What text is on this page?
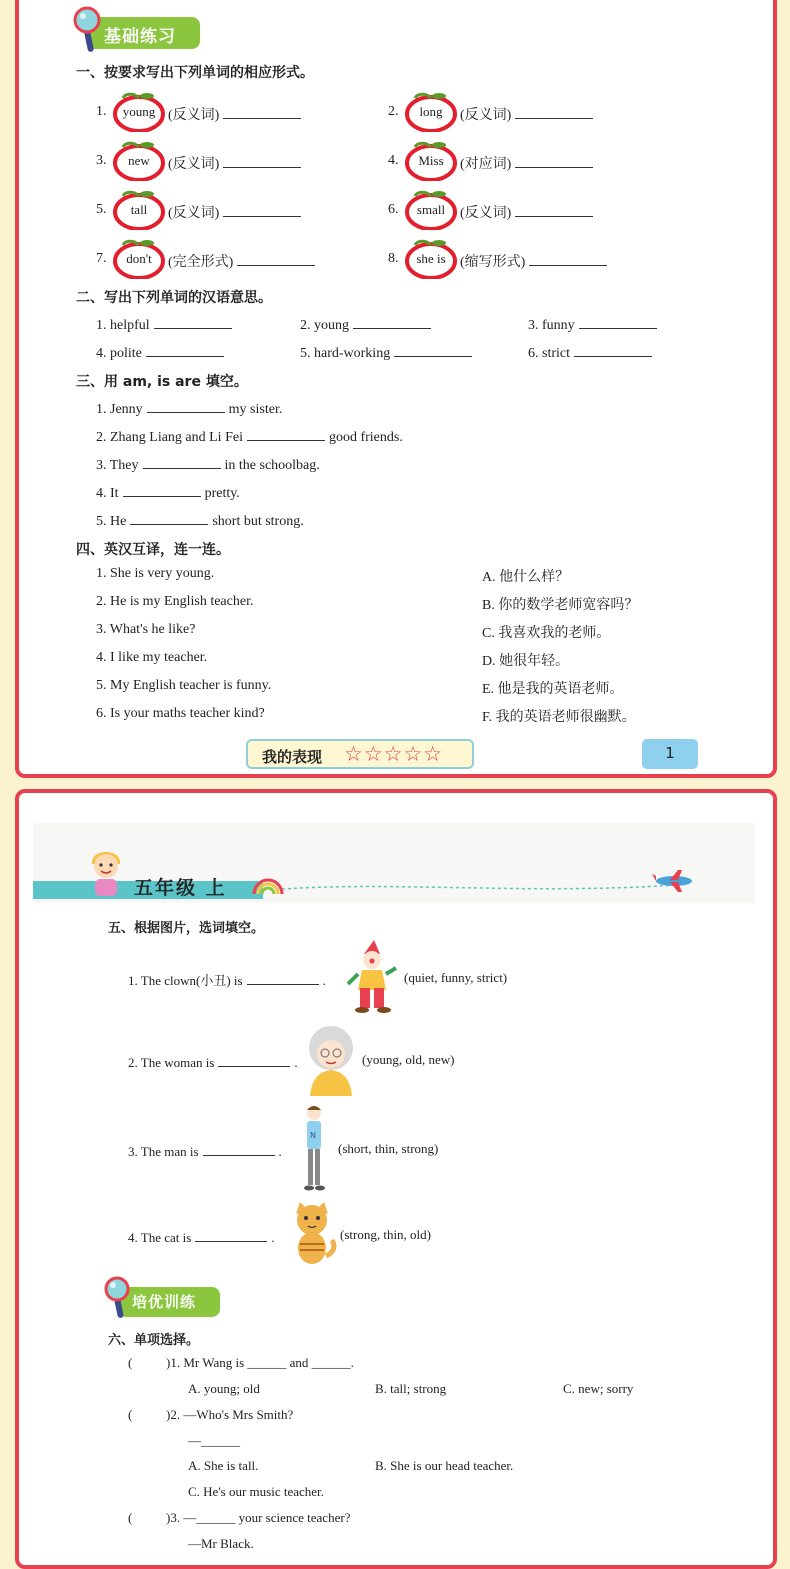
基础练习
一、按要求写出下列单词的相应形式。
1.	young (反义词)	2.	long	(反义词)
3.	new	(反义词)	4.	Miss	(对应词)
5.	tall	(反义词)	6.	small	(反义词)
7.	don't	(完全形式)	8.	she is	(缩写形式)
二、写出下列单词的汉语意思。
1. helpful	2. young	3. funny
4. polite	5. hard-working	6. strict
三、用 am, is are 填空。
1. Jenny	my sister.
2. Zhang Liang and Li Fei	good friends.
3. They	in the schoolbag.
4. It	pretty.
5. He	short but strong.
四、英汉互译，连一连。
1. She is very young.
2. He is my English teacher.
3. What's he like?
4. I like my teacher.
5. My English teacher is funny.
6. Is your maths teacher kind?
A. 他什么样？
B. 你的数学老师宽容吗？
C. 我喜欢我的老师。
D. 她很年轻。
E. 他是我的英语老师。
F. 我的英语老师很幽默。
我的表现 ☆☆☆☆☆	1
五年级 上
五、根据图片，选词填空。
1. The clown(小丑) is	.	(quiet, funny, strict)
2. The woman is	.	(young, old, new)
3. The man is	.
N
(short, thin, strong)
4. The cat is	.	(strong, thin, old)
培优训练
六、单项选择。
(	)1. Mr Wang is ______ and ______.
A. young; old	B. tall; strong	C. new; sorry
(	)2. —Who's Mrs Smith?
—______
A. She is tall.	B. She is our head teacher.
C. He's our music teacher.
(	)3. —______ your science teacher?
—Mr Black.
